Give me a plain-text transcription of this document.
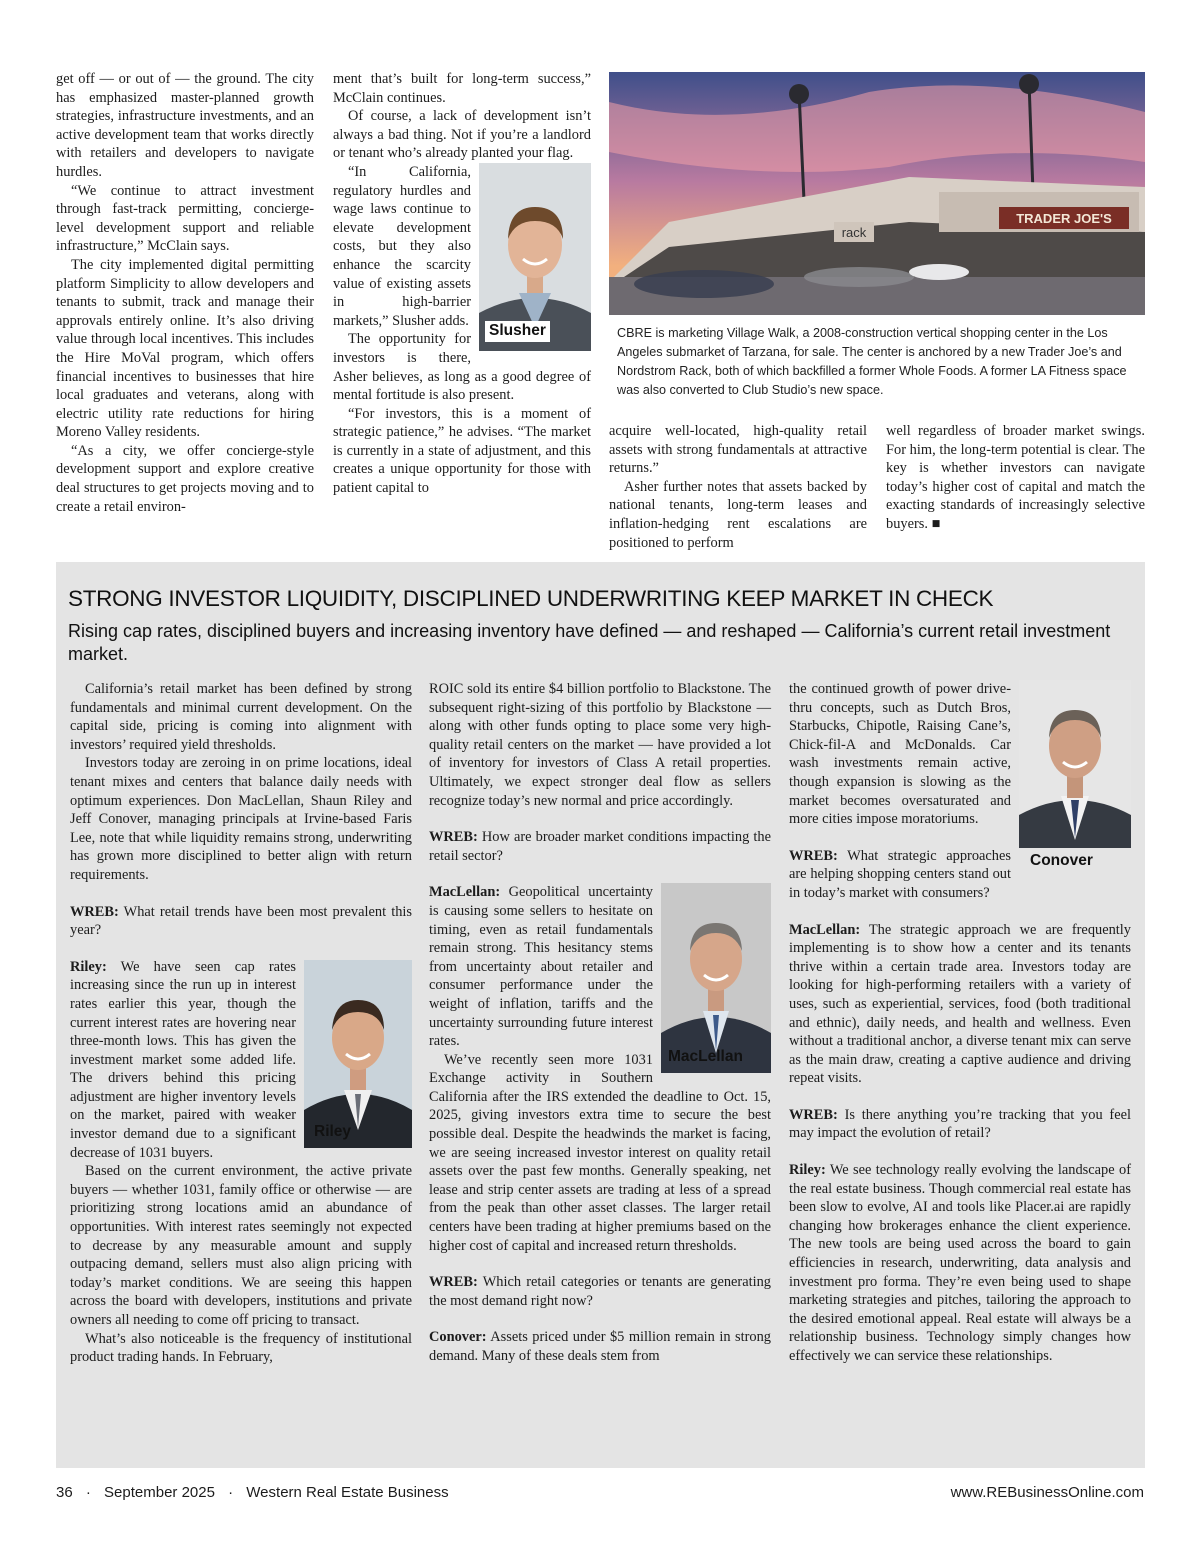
get off — or out of — the ground. The city has emphasized master-planned growth strategies, infrastructure investments, and an active development team that works directly with retailers and developers to navigate hurdles.

“We continue to attract investment through fast-track permitting, concierge-level development support and reliable infrastructure,” McClain says.

The city implemented digital permitting platform Simplicity to allow developers and tenants to submit, track and manage their approvals entirely online. It’s also driving value through local incentives. This includes the Hire MoVal program, which offers financial incentives to businesses that hire local graduates and veterans, along with electric utility rate reductions for hiring Moreno Valley residents.

“As a city, we offer concierge-style development support and explore creative deal structures to get projects moving and to create a retail environ-

ment that’s built for long-term success,” McClain continues.

Of course, a lack of development isn’t always a bad thing. Not if you’re a landlord or tenant who’s already planted your flag.

Slusher

“In California, regulatory hurdles and wage laws continue to elevate development costs, but they also enhance the scarcity value of existing assets in high-barrier markets,” Slusher adds.

The opportunity for investors is there, Asher believes, as long as a good degree of mental fortitude is also present.

“For investors, this is a moment of strategic patience,” he advises. “The market is currently in a state of adjustment, and this creates a unique opportunity for those with patient capital to

TRADER JOE'S
rack
CBRE is marketing Village Walk, a 2008-construction vertical shopping center in the Los Angeles submarket of Tarzana, for sale. The center is anchored by a new Trader Joe’s and Nordstrom Rack, both of which backfilled a former Whole Foods. A former LA Fitness space was also converted to Club Studio’s new space.

acquire well-located, high-quality retail assets with strong fundamentals at attractive returns.”

Asher further notes that assets backed by national tenants, long-term leases and inflation-hedging rent escalations are positioned to perform

well regardless of broader market swings. For him, the long-term potential is clear. The key is whether investors can navigate today’s higher cost of capital and match the exacting standards of increasingly selective buyers. ■

STRONG INVESTOR LIQUIDITY, DISCIPLINED UNDERWRITING KEEP MARKET IN CHECK
Rising cap rates, disciplined buyers and increasing inventory have defined — and reshaped — California’s current retail investment market.

California’s retail market has been defined by strong fundamentals and minimal current development. On the capital side, pricing is coming into alignment with investors’ required yield thresholds.

Investors today are zeroing in on prime locations, ideal tenant mixes and centers that balance daily needs with optimum experiences. Don MacLellan, Shaun Riley and Jeff Conover, managing principals at Irvine-based Faris Lee, note that while liquidity remains strong, underwriting has grown more disciplined to better align with return requirements.

WREB: What retail trends have been most prevalent this year?

Riley

Riley: We have seen cap rates increasing since the run up in interest rates earlier this year, though the current interest rates are hovering near three-month lows. This has given the investment market some added life. The drivers behind this pricing adjustment are higher inventory levels on the market, paired with weaker investor demand due to a significant decrease of 1031 buyers.

Based on the current environment, the active private buyers — whether 1031, family office or otherwise — are prioritizing strong locations amid an abundance of opportunities. With interest rates seemingly not expected to decrease by any measurable amount and supply outpacing demand, sellers must also align pricing with today’s market conditions. We are seeing this happen across the board with developers, institutions and private owners all needing to come off pricing to transact.

What’s also noticeable is the frequency of institutional product trading hands. In February,

ROIC sold its entire $4 billion portfolio to Blackstone. The subsequent right-sizing of this portfolio by Blackstone — along with other funds opting to place some very high-quality retail centers on the market — have provided a lot of inventory for investors of Class A retail properties. Ultimately, we expect stronger deal flow as sellers recognize today’s new normal and price accordingly.

WREB: How are broader market conditions impacting the retail sector?

MacLellan

MacLellan: Geopolitical uncertainty is causing some sellers to hesitate on timing, even as retail fundamentals remain strong. This hesitancy stems from uncertainty about retailer and consumer performance under the weight of inflation, tariffs and the uncertainty surrounding future interest rates.

We’ve recently seen more 1031 Exchange activity in Southern California after the IRS extended the deadline to Oct. 15, 2025, giving investors extra time to secure the best possible deal. Despite the headwinds the market is facing, we are seeing increased investor interest on quality retail assets over the past few months. Generally speaking, net lease and strip center assets are trading at less of a spread from the peak than other asset classes. The larger retail centers have been trading at higher premiums based on the higher cost of capital and increased return thresholds.

WREB: Which retail categories or tenants are generating the most demand right now?

Conover: Assets priced under $5 million remain in strong demand. Many of these deals stem from

Conover

the continued growth of power drive-thru concepts, such as Dutch Bros, Starbucks, Chipotle, Raising Cane’s, Chick-fil-A and McDonalds. Car wash investments remain active, though expansion is slowing as the market becomes oversaturated and more cities impose moratoriums.

WREB: What strategic approaches are helping shopping centers stand out in today’s market with consumers?

MacLellan: The strategic approach we are frequently implementing is to show how a center and its tenants thrive within a certain trade area. Investors today are looking for high-performing retailers with a variety of uses, such as experiential, services, food (both traditional and ethnic), daily needs, and health and wellness. Even without a traditional anchor, a diverse tenant mix can serve as the main draw, creating a captive audience and driving repeat visits.

WREB: Is there anything you’re tracking that you feel may impact the evolution of retail?

Riley: We see technology really evolving the landscape of the real estate business. Though commercial real estate has been slow to evolve, AI and tools like Placer.ai are rapidly changing how brokerages enhance the client experience. The new tools are being used across the board to gain efficiencies in research, underwriting, data analysis and investment pro forma. They’re even being used to shape marketing strategies and pitches, tailoring the approach to the desired emotional appeal. Real estate will always be a relationship business. Technology simply changes how effectively we can service these relationships.

36 · September 2025 · Western Real Estate Business	www.REBusinessOnline.com
